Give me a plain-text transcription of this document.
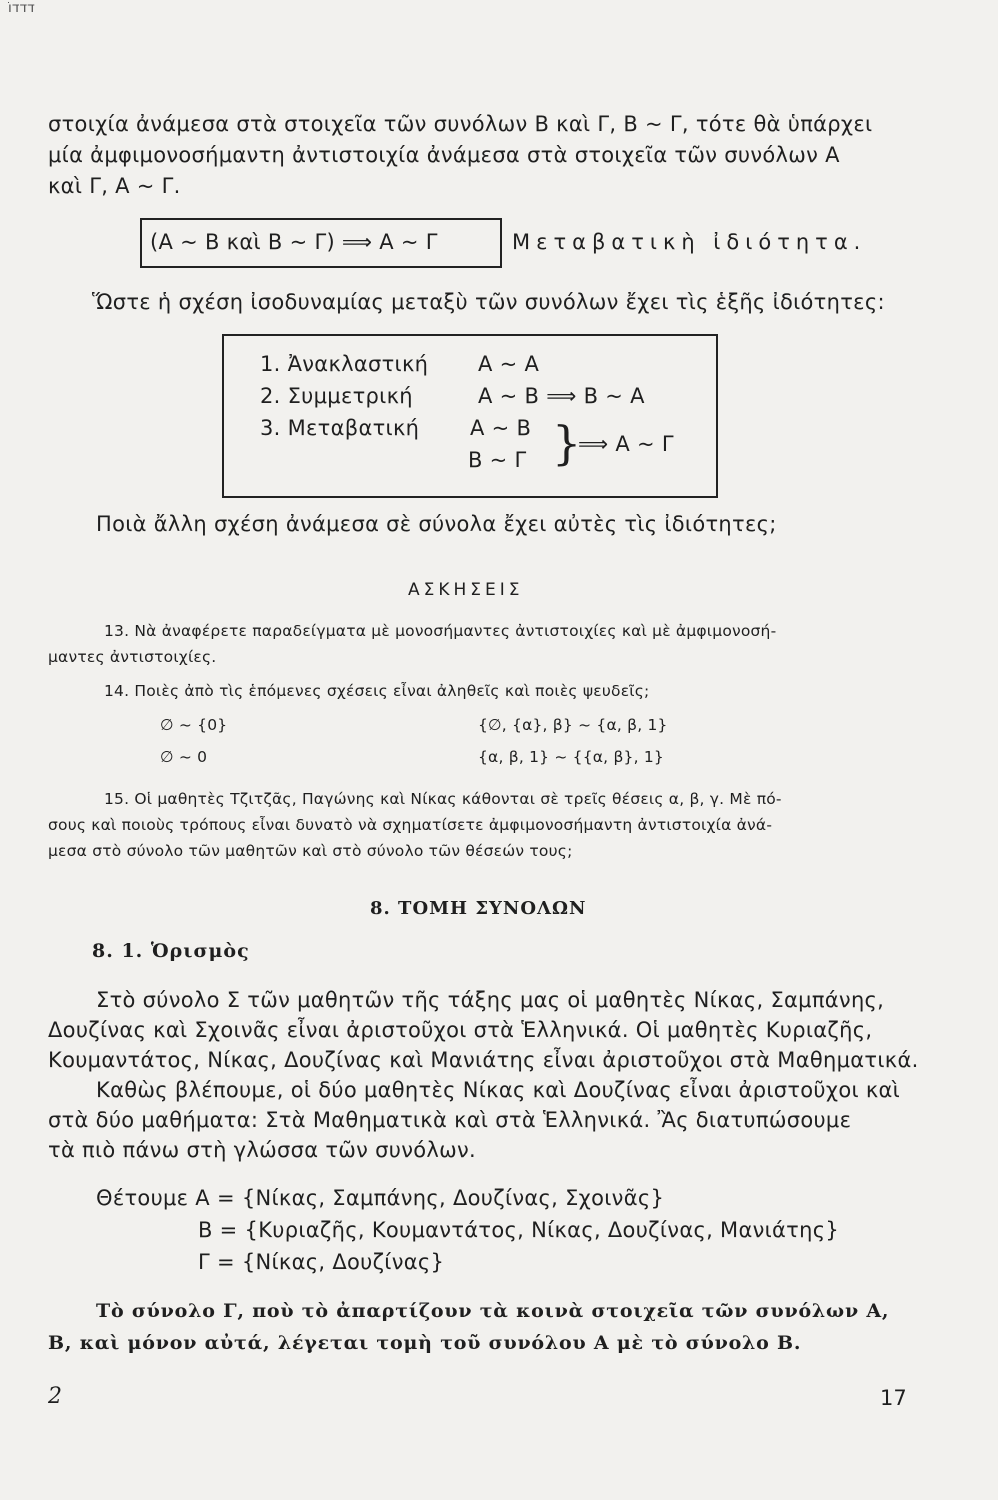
דדדוֹ
στοιχία ἀνάμεσα στὰ στοιχεῖα τῶν συνόλων Β καὶ Γ, Β ~ Γ, τότε θὰ ὑπάρχει
μία ἀμφιμονοσήμαντη ἀντιστοιχία ἀνάμεσα στὰ στοιχεῖα τῶν συνόλων Α
καὶ Γ, Α ~ Γ.
(Α ~ Β καὶ Β ~ Γ) ⟹ Α ~ Γ	Μεταβατικὴ ἰδιότητα.
Ὥστε ἡ σχέση ἰσοδυναμίας μεταξὺ τῶν συνόλων ἔχει τὶς ἑξῆς ἰδιότητες:
1. Ἀνακλαστική Α ~ Α
2. Συμμετρική	Α ~ Β ⟹ Β ~ Α
3. Μεταβατική Α ~ Β
Β ~ Γ }
⟹ Α ~ Γ
Ποιὰ ἄλλη σχέση ἀνάμεσα σὲ σύνολα ἔχει αὐτὲς τὶς ἰδιότητες;
ΑΣΚΗΣΕΙΣ
13. Νὰ ἀναφέρετε παραδείγματα μὲ μονοσήμαντες ἀντιστοιχίες καὶ μὲ ἀμφιμονοσή-
μαντες ἀντιστοιχίες.
14. Ποιὲς ἀπὸ τὶς ἑπόμενες σχέσεις εἶναι ἀληθεῖς καὶ ποιὲς ψευδεῖς;
∅ ~ {0}	{∅, {α}, β} ~ {α, β, 1}
∅ ~ 0	{α, β, 1} ~ {{α, β}, 1}
15. Οἱ μαθητὲς Τζιτζᾶς, Παγώνης καὶ Νίκας κάθονται σὲ τρεῖς θέσεις α, β, γ. Μὲ πό-
σους καὶ ποιοὺς τρόπους εἶναι δυνατὸ νὰ σχηματίσετε ἀμφιμονοσήμαντη ἀντιστοιχία ἀνά-
μεσα στὸ σύνολο τῶν μαθητῶν καὶ στὸ σύνολο τῶν θέσεών τους;
8. ΤΟΜΗ ΣΥΝΟΛΩΝ
8. 1. Ὁρισμὸς
Στὸ σύνολο Σ τῶν μαθητῶν τῆς τάξης μας οἱ μαθητὲς Νίκας, Σαμπάνης,
Δουζίνας καὶ Σχοινᾶς εἶναι ἀριστοῦχοι στὰ Ἑλληνικά. Οἱ μαθητὲς Κυριαζῆς,
Κουμαντάτος, Νίκας, Δουζίνας καὶ Μανιάτης εἶναι ἀριστοῦχοι στὰ Μαθηματικά.
Καθὼς βλέπουμε, οἱ δύο μαθητὲς Νίκας καὶ Δουζίνας εἶναι ἀριστοῦχοι καὶ
στὰ δύο μαθήματα: Στὰ Μαθηματικὰ καὶ στὰ Ἑλληνικά. Ἂς διατυπώσουμε
τὰ πιὸ πάνω στὴ γλώσσα τῶν συνόλων.
Θέτουμε Α = {Νίκας, Σαμπάνης, Δουζίνας, Σχοινᾶς}
Β = {Κυριαζῆς, Κουμαντάτος, Νίκας, Δουζίνας, Μανιάτης}
Γ = {Νίκας, Δουζίνας}
Τὸ σύνολο Γ, ποὺ τὸ ἀπαρτίζουν τὰ κοινὰ στοιχεῖα τῶν συνόλων Α,
Β, καὶ μόνον αὐτά, λέγεται τομὴ τοῦ συνόλου Α μὲ τὸ σύνολο Β.
2	17
